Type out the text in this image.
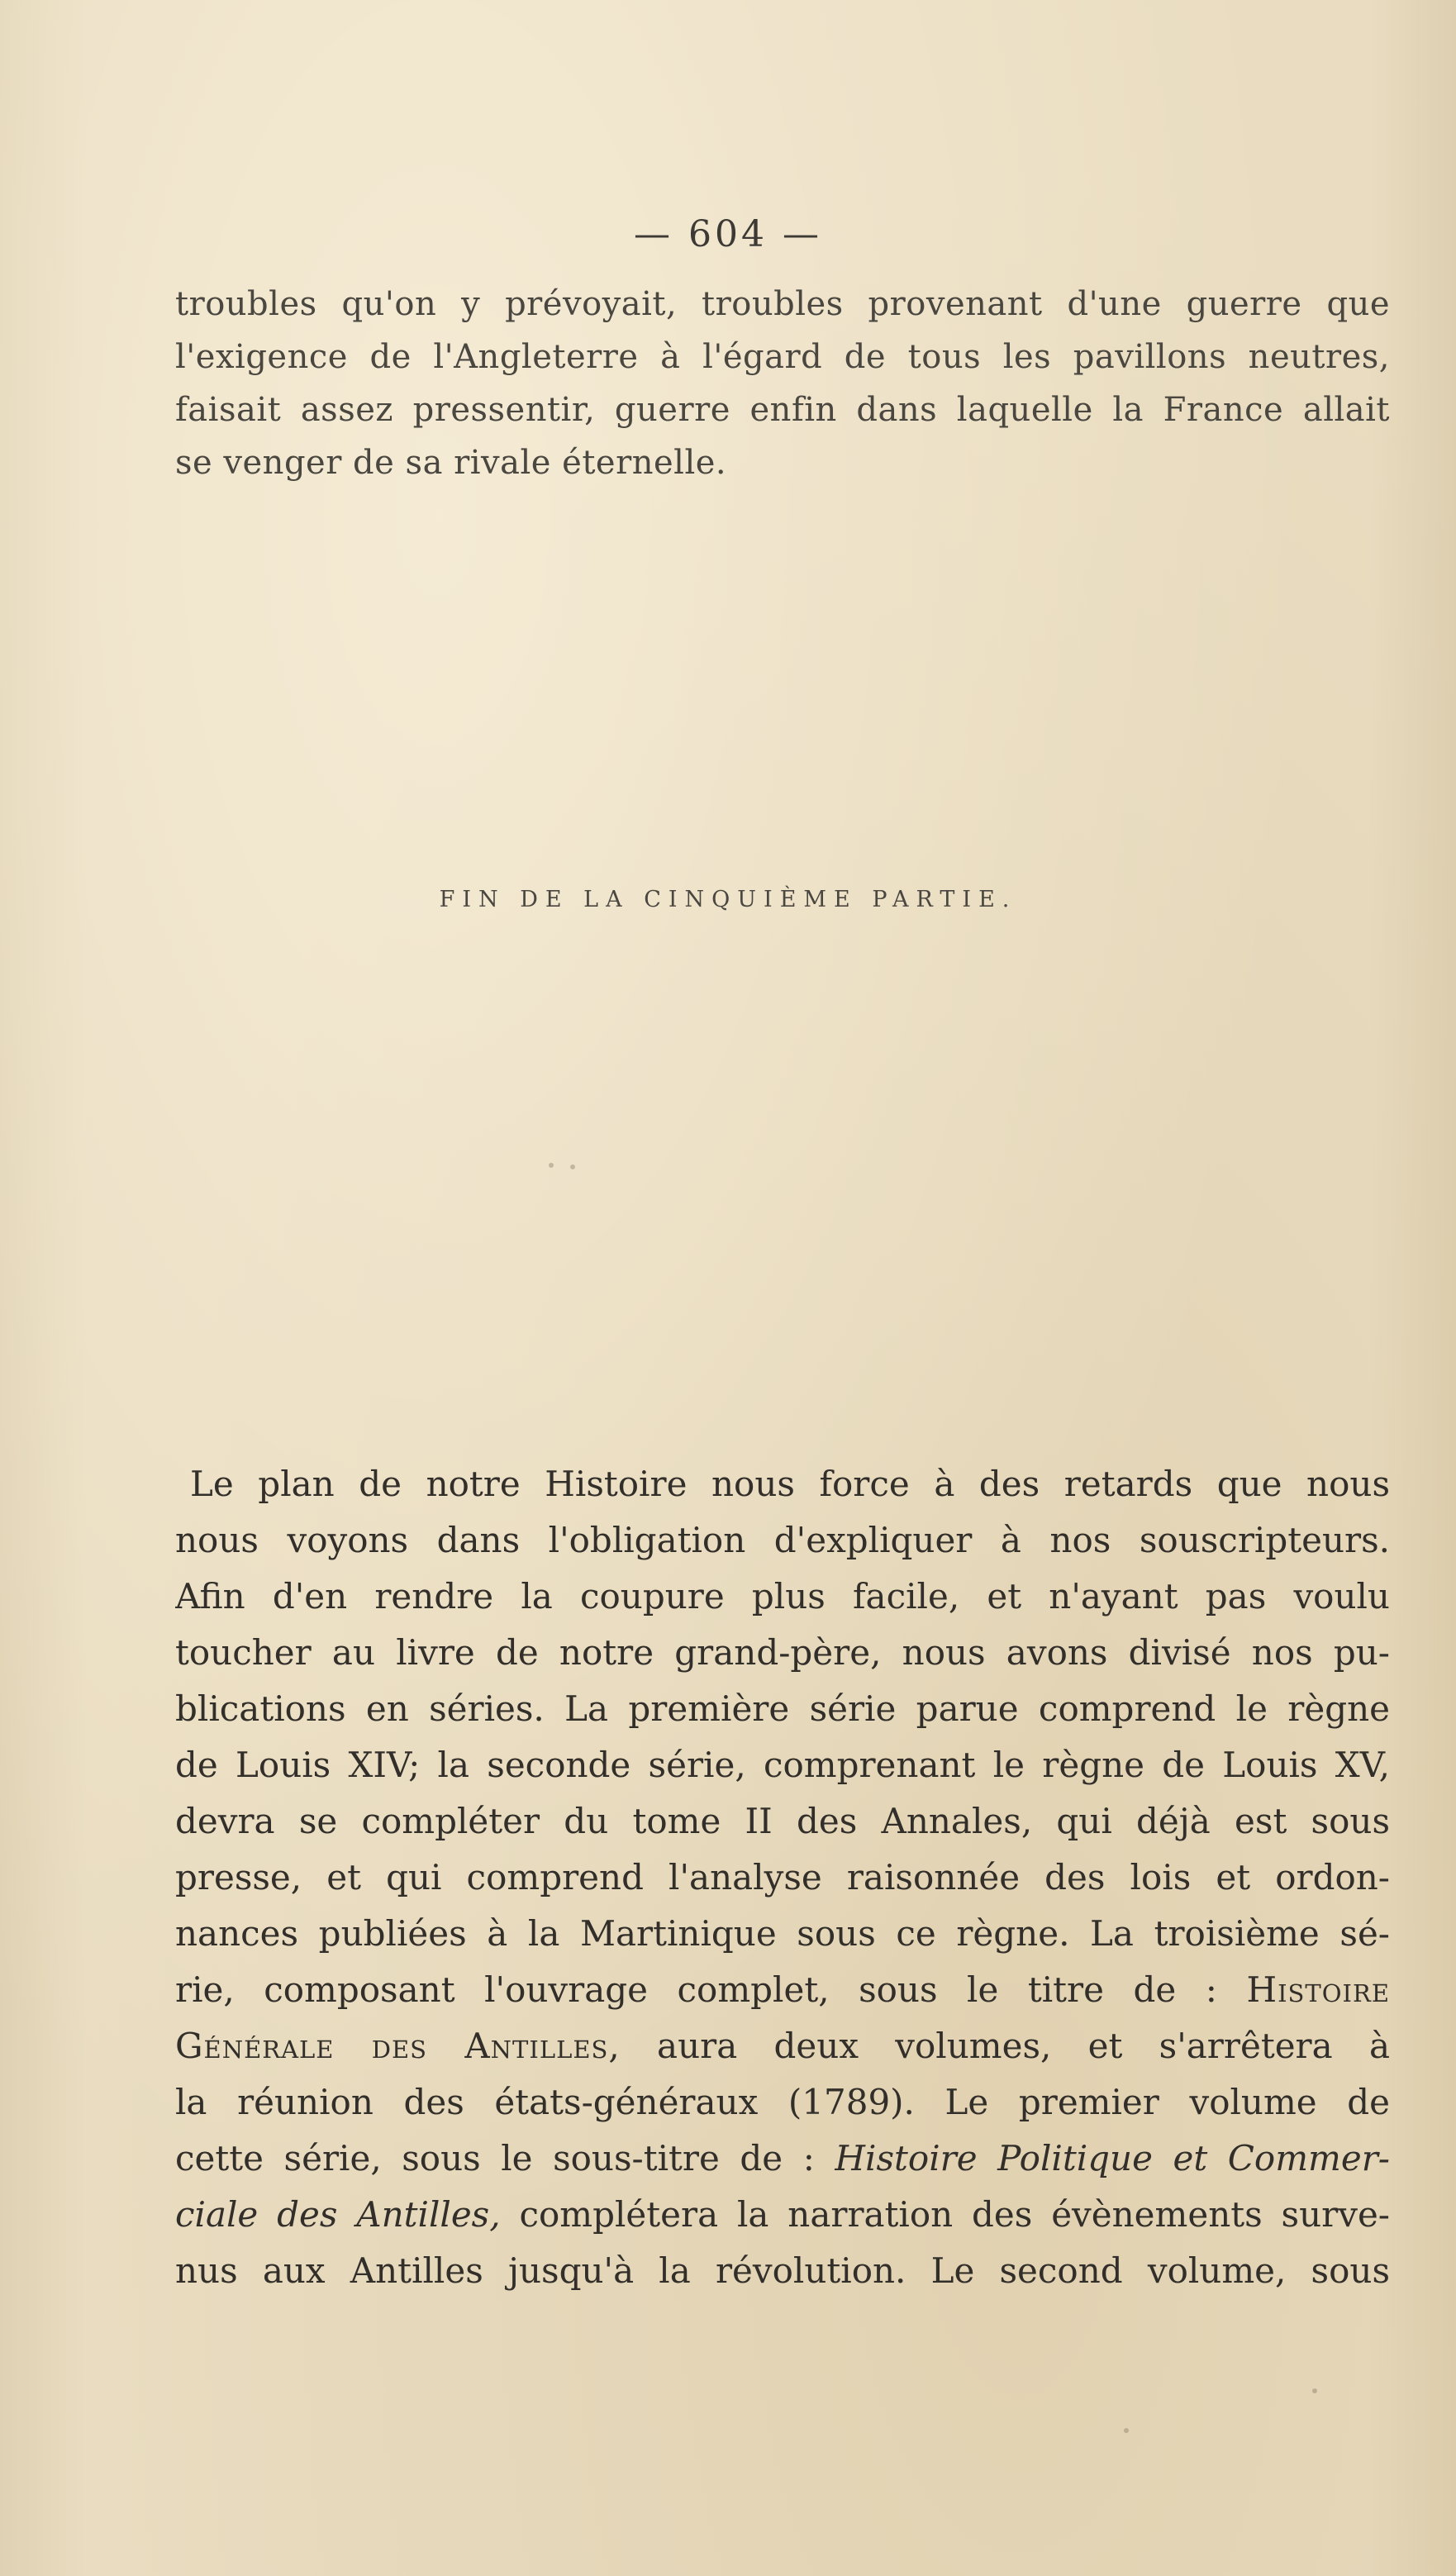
— 604 —
troubles qu'on y prévoyait, troubles provenant d'une guerre que
l'exigence de l'Angleterre à l'égard de tous les pavillons neutres,
faisait assez pressentir, guerre enfin dans laquelle la France allait
se venger de sa rivale éternelle.
FIN DE LA CINQUIÈME PARTIE.
Le plan de notre Histoire nous force à des retards que nous
nous voyons dans l'obligation d'expliquer à nos souscripteurs.
Afin d'en rendre la coupure plus facile, et n'ayant pas voulu
toucher au livre de notre grand-père, nous avons divisé nos pu-
blications en séries. La première série parue comprend le règne
de Louis XIV; la seconde série, comprenant le règne de Louis XV,
devra se compléter du tome II des Annales, qui déjà est sous
presse, et qui comprend l'analyse raisonnée des lois et ordon-
nances publiées à la Martinique sous ce règne. La troisième sé-
rie, composant l'ouvrage complet, sous le titre de : Histoire
Générale des Antilles, aura deux volumes, et s'arrêtera à
la réunion des états-généraux (1789). Le premier volume de
cette série, sous le sous-titre de : Histoire Politique et Commer-
ciale des Antilles, complétera la narration des évènements surve-
nus aux Antilles jusqu'à la révolution. Le second volume, sous
